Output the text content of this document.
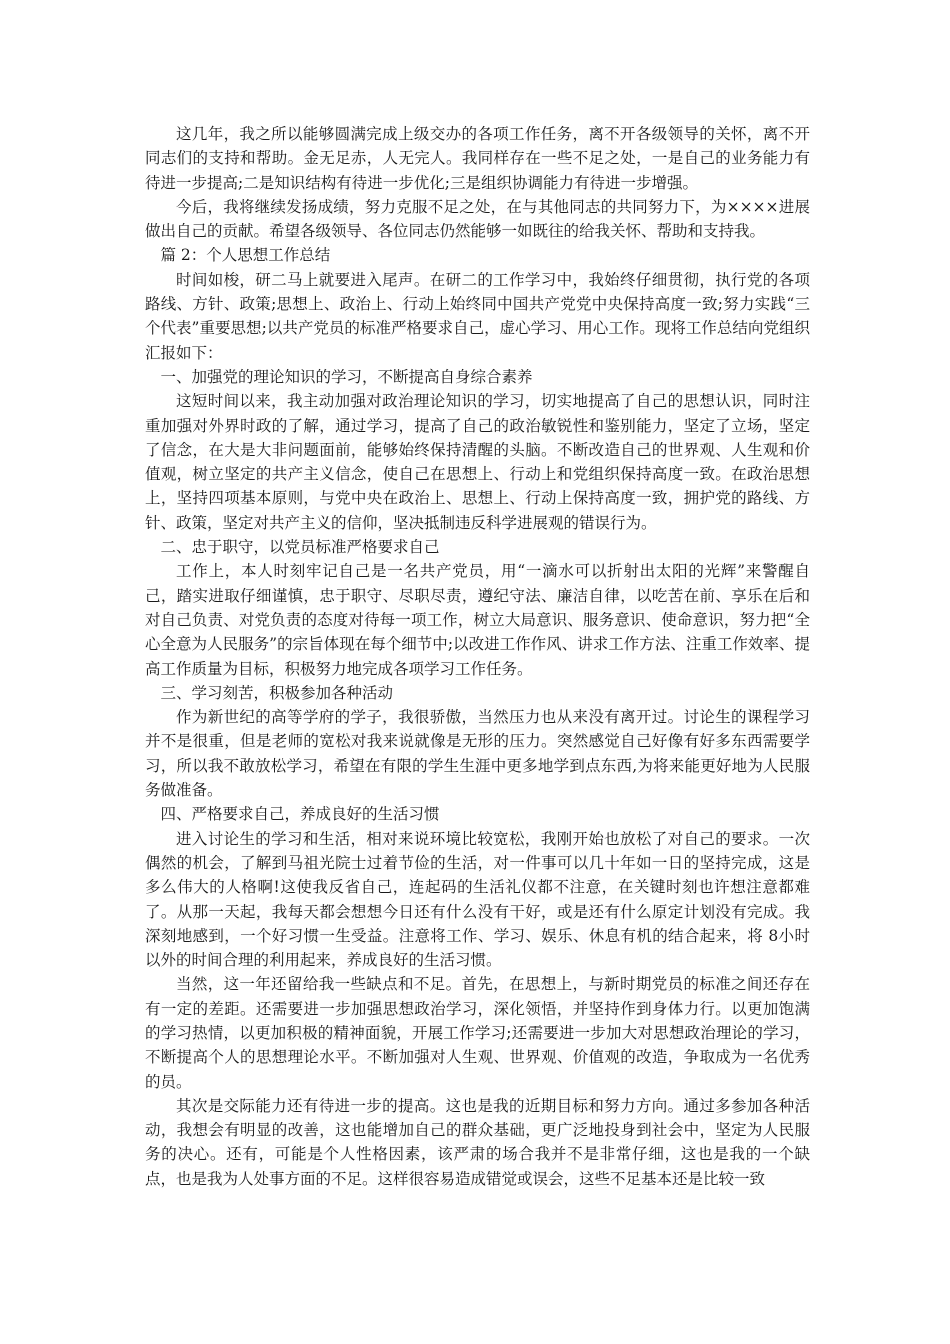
这几年，我之所以能够圆满完成上级交办的各项工作任务，离不开各级领导的关怀，离不开同志们的支持和帮助。金无足赤，人无完人。我同样存在一些不足之处，一是自己的业务能力有待进一步提高;二是知识结构有待进一步优化;三是组织协调能力有待进一步增强。

今后，我将继续发扬成绩，努力克服不足之处，在与其他同志的共同努力下，为××××进展做出自己的贡献。希望各级领导、各位同志仍然能够一如既往的给我关怀、帮助和支持我。

篇 2：个人思想工作总结

时间如梭，研二马上就要进入尾声。在研二的工作学习中，我始终仔细贯彻，执行党的各项路线、方针、政策;思想上、政治上、行动上始终同中国共产党党中央保持高度一致;努力实践“三个代表”重要思想;以共产党员的标准严格要求自己，虚心学习、用心工作。现将工作总结向党组织汇报如下：

一、加强党的理论知识的学习，不断提高自身综合素养

这短时间以来，我主动加强对政治理论知识的学习，切实地提高了自己的思想认识，同时注重加强对外界时政的了解，通过学习，提高了自己的政治敏锐性和鉴别能力，坚定了立场，坚定了信念，在大是大非问题面前，能够始终保持清醒的头脑。不断改造自己的世界观、人生观和价值观，树立坚定的共产主义信念，使自己在思想上、行动上和党组织保持高度一致。在政治思想上，坚持四项基本原则，与党中央在政治上、思想上、行动上保持高度一致，拥护党的路线、方针、政策，坚定对共产主义的信仰，坚决抵制违反科学进展观的错误行为。

二、忠于职守，以党员标准严格要求自己

工作上，本人时刻牢记自己是一名共产党员，用“一滴水可以折射出太阳的光辉”来警醒自己，踏实进取仔细谨慎，忠于职守、尽职尽责，遵纪守法、廉洁自律，以吃苦在前、享乐在后和对自己负责、对党负责的态度对待每一项工作，树立大局意识、服务意识、使命意识，努力把“全心全意为人民服务”的宗旨体现在每个细节中;以改进工作作风、讲求工作方法、注重工作效率、提高工作质量为目标，积极努力地完成各项学习工作任务。

三、学习刻苦，积极参加各种活动

作为新世纪的高等学府的学子，我很骄傲，当然压力也从来没有离开过。讨论生的课程学习并不是很重，但是老师的宽松对我来说就像是无形的压力。突然感觉自己好像有好多东西需要学习，所以我不敢放松学习，希望在有限的学生生涯中更多地学到点东西,为将来能更好地为人民服务做准备。

四、严格要求自己，养成良好的生活习惯

进入讨论生的学习和生活，相对来说环境比较宽松，我刚开始也放松了对自己的要求。一次偶然的机会，了解到马祖光院士过着节俭的生活，对一件事可以几十年如一日的坚持完成，这是多么伟大的人格啊!这使我反省自己，连起码的生活礼仪都不注意，在关键时刻也许想注意都难了。从那一天起，我每天都会想想今日还有什么没有干好，或是还有什么原定计划没有完成。我深刻地感到，一个好习惯一生受益。注意将工作、学习、娱乐、休息有机的结合起来，将 8小时以外的时间合理的利用起来，养成良好的生活习惯。

当然，这一年还留给我一些缺点和不足。首先，在思想上，与新时期党员的标准之间还存在有一定的差距。还需要进一步加强思想政治学习，深化领悟，并坚持作到身体力行。以更加饱满的学习热情，以更加积极的精神面貌，开展工作学习;还需要进一步加大对思想政治理论的学习，不断提高个人的思想理论水平。不断加强对人生观、世界观、价值观的改造，争取成为一名优秀的员。

其次是交际能力还有待进一步的提高。这也是我的近期目标和努力方向。通过多参加各种活动，我想会有明显的改善，这也能增加自己的群众基础，更广泛地投身到社会中，坚定为人民服务的决心。还有，可能是个人性格因素，该严肃的场合我并不是非常仔细，这也是我的一个缺点，也是我为人处事方面的不足。这样很容易造成错觉或误会，这些不足基本还是比较一致
